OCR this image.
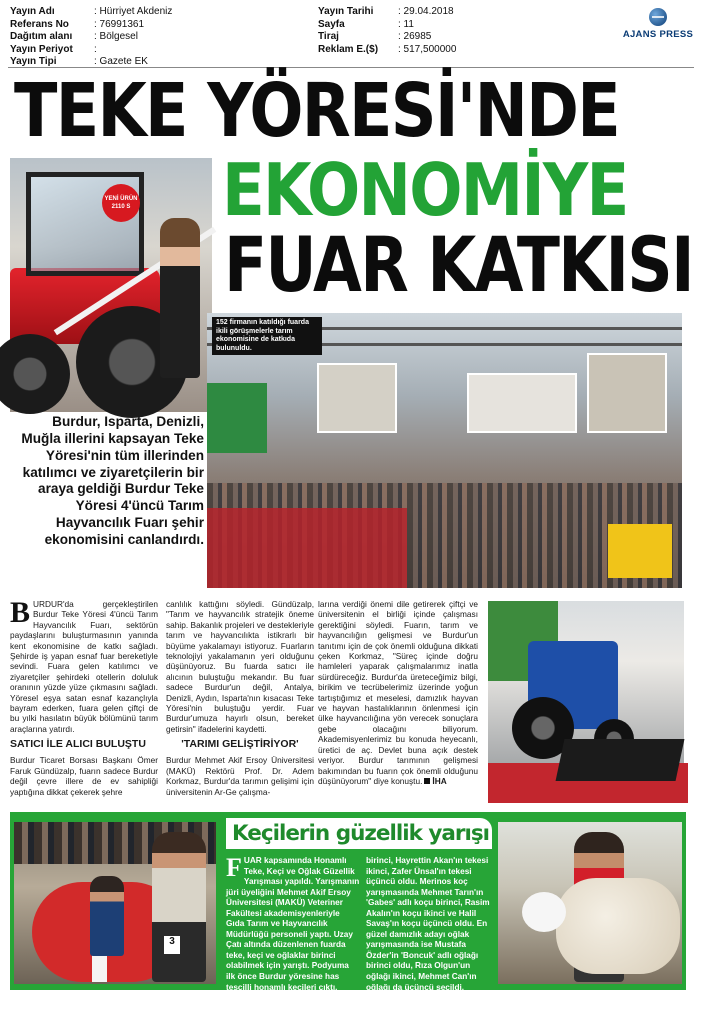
Yayın Adı	: Hürriyet Akdeniz
Referans No	: 76991361
Dağıtım alanı	: Bölgesel
Yayın Periyot	:
Yayın Tipi	: Gazete EK
Yayın Tarihi	: 29.04.2018
Sayfa	: 11
Tiraj	: 26985
Reklam E.($)	: 517,500000
AJANS PRESS
TEKE YÖRESİ'NDE
EKONOMİYE
FUAR KATKISI
YENİ ÜRÜN 2110 S
152 firmanın katıldığı fuarda ikili görüşmelerle tarım ekonomisine de katkıda bulunuldu.
Burdur, Isparta, Denizli, Muğla illerini kapsayan Teke Yöresi'nin tüm illerinden katılımcı ve ziyaretçilerin bir araya geldiği Burdur Teke Yöresi 4'üncü Tarım Hayvancılık Fuarı şehir ekonomisini canlandırdı.

BURDUR'da gerçekleştirilen Burdur Teke Yöresi 4'üncü Tarım Hayvancılık Fuarı, sektörün paydaşlarını buluşturmasının yanında kent ekonomisine de katkı sağladı. Şehirde iş yapan esnaf fuar bereketiyle sevindi. Fuara gelen katılımcı ve ziyaretçiler şehirdeki otellerin doluluk oranının yüzde yüze çıkmasını sağladı. Yöresel eşya satan esnaf kazançlıyla bayram ederken, fuara gelen çiftçi de bu yılki hasılatın büyük bölümünü tarım araçlarına yatırdı.

SATICI İLE ALICI BULUŞTU

Burdur Ticaret Borsası Başkanı Ömer Faruk Gündüzalp, fuarın sadece Burdur değil çevre illere de ev sahipliği yaptığına dikkat çekerek şehre

canlılık kattığını söyledi. Gündüzalp, "Tarım ve hayvancılık stratejik öneme sahip. Bakanlık projeleri ve destekleriyle tarım ve hayvancılıkta istikrarlı bir büyüme yakalamayı istiyoruz. Fuarların teknolojiyi yakalamanın yeri olduğunu düşünüyoruz. Bu fuarda satıcı ile alıcının buluştuğu mekandır. Bu fuar sadece Burdur'un değil, Antalya, Denizli, Aydın, Isparta'nın kısacası Teke Yöresi'nin buluştuğu yerdir. Fuar Burdur'umuza hayırlı olsun, bereket getirsin" ifadelerini kaydetti.

'TARIMI GELİŞTİRİYOR'

Burdur Mehmet Akif Ersoy Üniversitesi (MAKÜ) Rektörü Prof. Dr. Adem Korkmaz, Burdur'da tarımın gelişimi için üniversitenin Ar-Ge çalışma-

larına verdiği önemi dile getirerek çiftçi ve üniversitenin el birliği içinde çalışması gerektiğini söyledi. Fuarın, tarım ve hayvancılığın gelişmesi ve Burdur'un tanıtımı için de çok önemli olduğuna dikkati çeken Korkmaz, "Süreç içinde doğru hamleleri yaparak çalışmalarımız inatla sürdüreceğiz. Burdur'da üreteceğimiz bilgi, birikim ve tecrübelerimiz üzerinde yoğun tartıştığımız et meselesi, damızlık hayvan ve hayvan hastalıklarının önlenmesi için ülke hayvancılığına yön verecek sonuçlara gebe olacağını biliyorum. Akademisyenlerimiz bu konuda heyecanlı, üretici de aç. Devlet buna açık destek veriyor. Burdur tarımının gelişmesi bakımından bu fuarın çok önemli olduğunu düşünüyorum" diye konuştu. İHA

3
Keçilerin güzellik yarışı
FUAR kapsamında Honamlı Teke, Keçi ve Oğlak Güzellik Yarışması yapıldı. Yarışmanın jüri üyeliğini Mehmet Akif Ersoy Üniversitesi (MAKÜ) Veteriner Fakültesi akademisyenleriyle Gıda Tarım ve Hayvancılık Müdürlüğü personeli yaptı. Uzay Çatı altında düzenlenen fuarda teke, keçi ve oğlaklar birinci olabilmek için yarıştı. Podyuma ilk önce Burdur yöresine has tescilli honamlı keçileri çıktı. Yarışmada Tahsin Gülcan'ın 'Sultan Murat' adlı kecisi
birinci, Hayrettin Akan'ın tekesi ikinci, Zafer Ünsal'ın tekesi üçüncü oldu. Merinos koç yarışmasında Mehmet Tarın'ın 'Gabes' adlı koçu birinci, Rasim Akalın'ın koçu ikinci ve Halil Savaş'ın koçu üçüncü oldu. En güzel damızlık adayı oğlak yarışmasında ise Mustafa Özder'in 'Boncuk' adlı oğlağı birinci oldu, Rıza Olgun'un oğlağı ikinci, Mehmet Can'ın oğlağı da üçüncü seçildi. Yarışmada dereceye girenlere çeşitli ödüller verildi. Mesut MADAN/DHA
